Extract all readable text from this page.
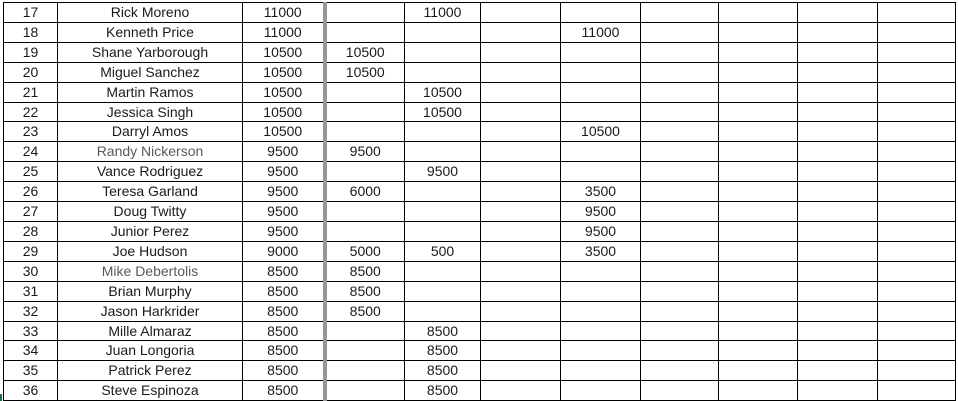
17	Rick Moreno	11000		11000						
18	Kenneth Price	11000				11000				
19	Shane Yarborough	10500	10500							
20	Miguel Sanchez	10500	10500							
21	Martin Ramos	10500		10500						
22	Jessica Singh	10500		10500						
23	Darryl Amos	10500				10500				
24	Randy Nickerson	9500	9500							
25	Vance Rodriguez	9500		9500						
26	Teresa Garland	9500	6000			3500				
27	Doug Twitty	9500				9500				
28	Junior Perez	9500				9500				
29	Joe Hudson	9000	5000	500		3500				
30	Mike Debertolis	8500	8500							
31	Brian Murphy	8500	8500							
32	Jason Harkrider	8500	8500							
33	Mille Almaraz	8500		8500						
34	Juan Longoria	8500		8500						
35	Patrick Perez	8500		8500						
36	Steve Espinoza	8500		8500						
